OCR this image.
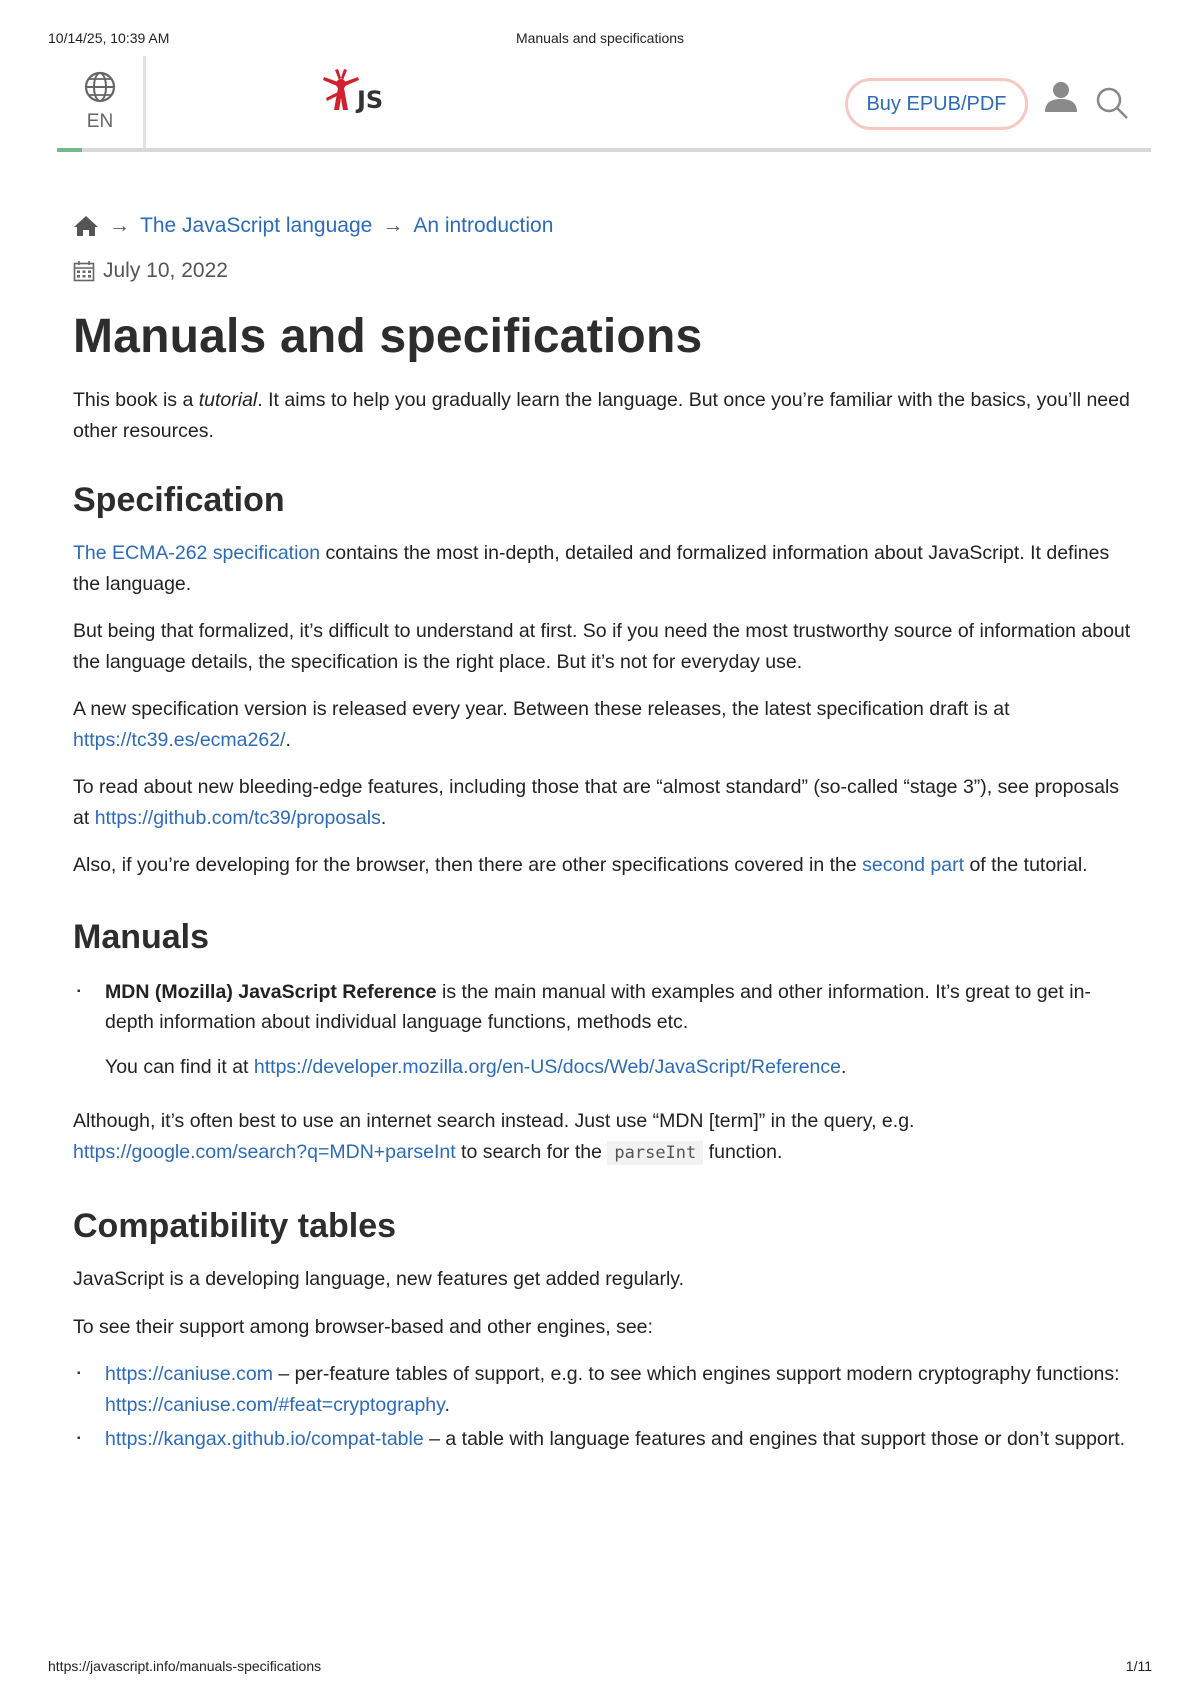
10/14/25, 10:39 AM	Manuals and specifications
EN
JS	Buy EPUB/PDF
→ The JavaScript language → An introduction
July 10, 2022
Manuals and specifications

This book is a tutorial. It aims to help you gradually learn the language. But once you’re familiar with the basics, you’ll need other resources.

Specification

The ECMA-262 specification contains the most in-depth, detailed and formalized information about JavaScript. It defines the language.

But being that formalized, it’s difficult to understand at first. So if you need the most trustworthy source of information about the language details, the specification is the right place. But it’s not for everyday use.

A new specification version is released every year. Between these releases, the latest specification draft is at https://tc39.es/ecma262/.

To read about new bleeding-edge features, including those that are “almost standard” (so-called “stage 3”), see proposals at https://github.com/tc39/proposals.

Also, if you’re developing for the browser, then there are other specifications covered in the second part of the tutorial.

Manuals
▪ MDN (Mozilla) JavaScript Reference is the main manual with examples and other information. It’s great to get in-depth information about individual language functions, methods etc.
You can find it at https://developer.mozilla.org/en-US/docs/Web/JavaScript/Reference.

Although, it’s often best to use an internet search instead. Just use “MDN [term]” in the query, e.g. https://google.com/search?q=MDN+parseInt to search for the parseInt function.

Compatibility tables

JavaScript is a developing language, new features get added regularly.

To see their support among browser-based and other engines, see:

▪ https://caniuse.com – per-feature tables of support, e.g. to see which engines support modern cryptography functions: https://caniuse.com/#feat=cryptography.
▪ https://kangax.github.io/compat-table – a table with language features and engines that support those or don’t support.
https://javascript.info/manuals-specifications	1/11
